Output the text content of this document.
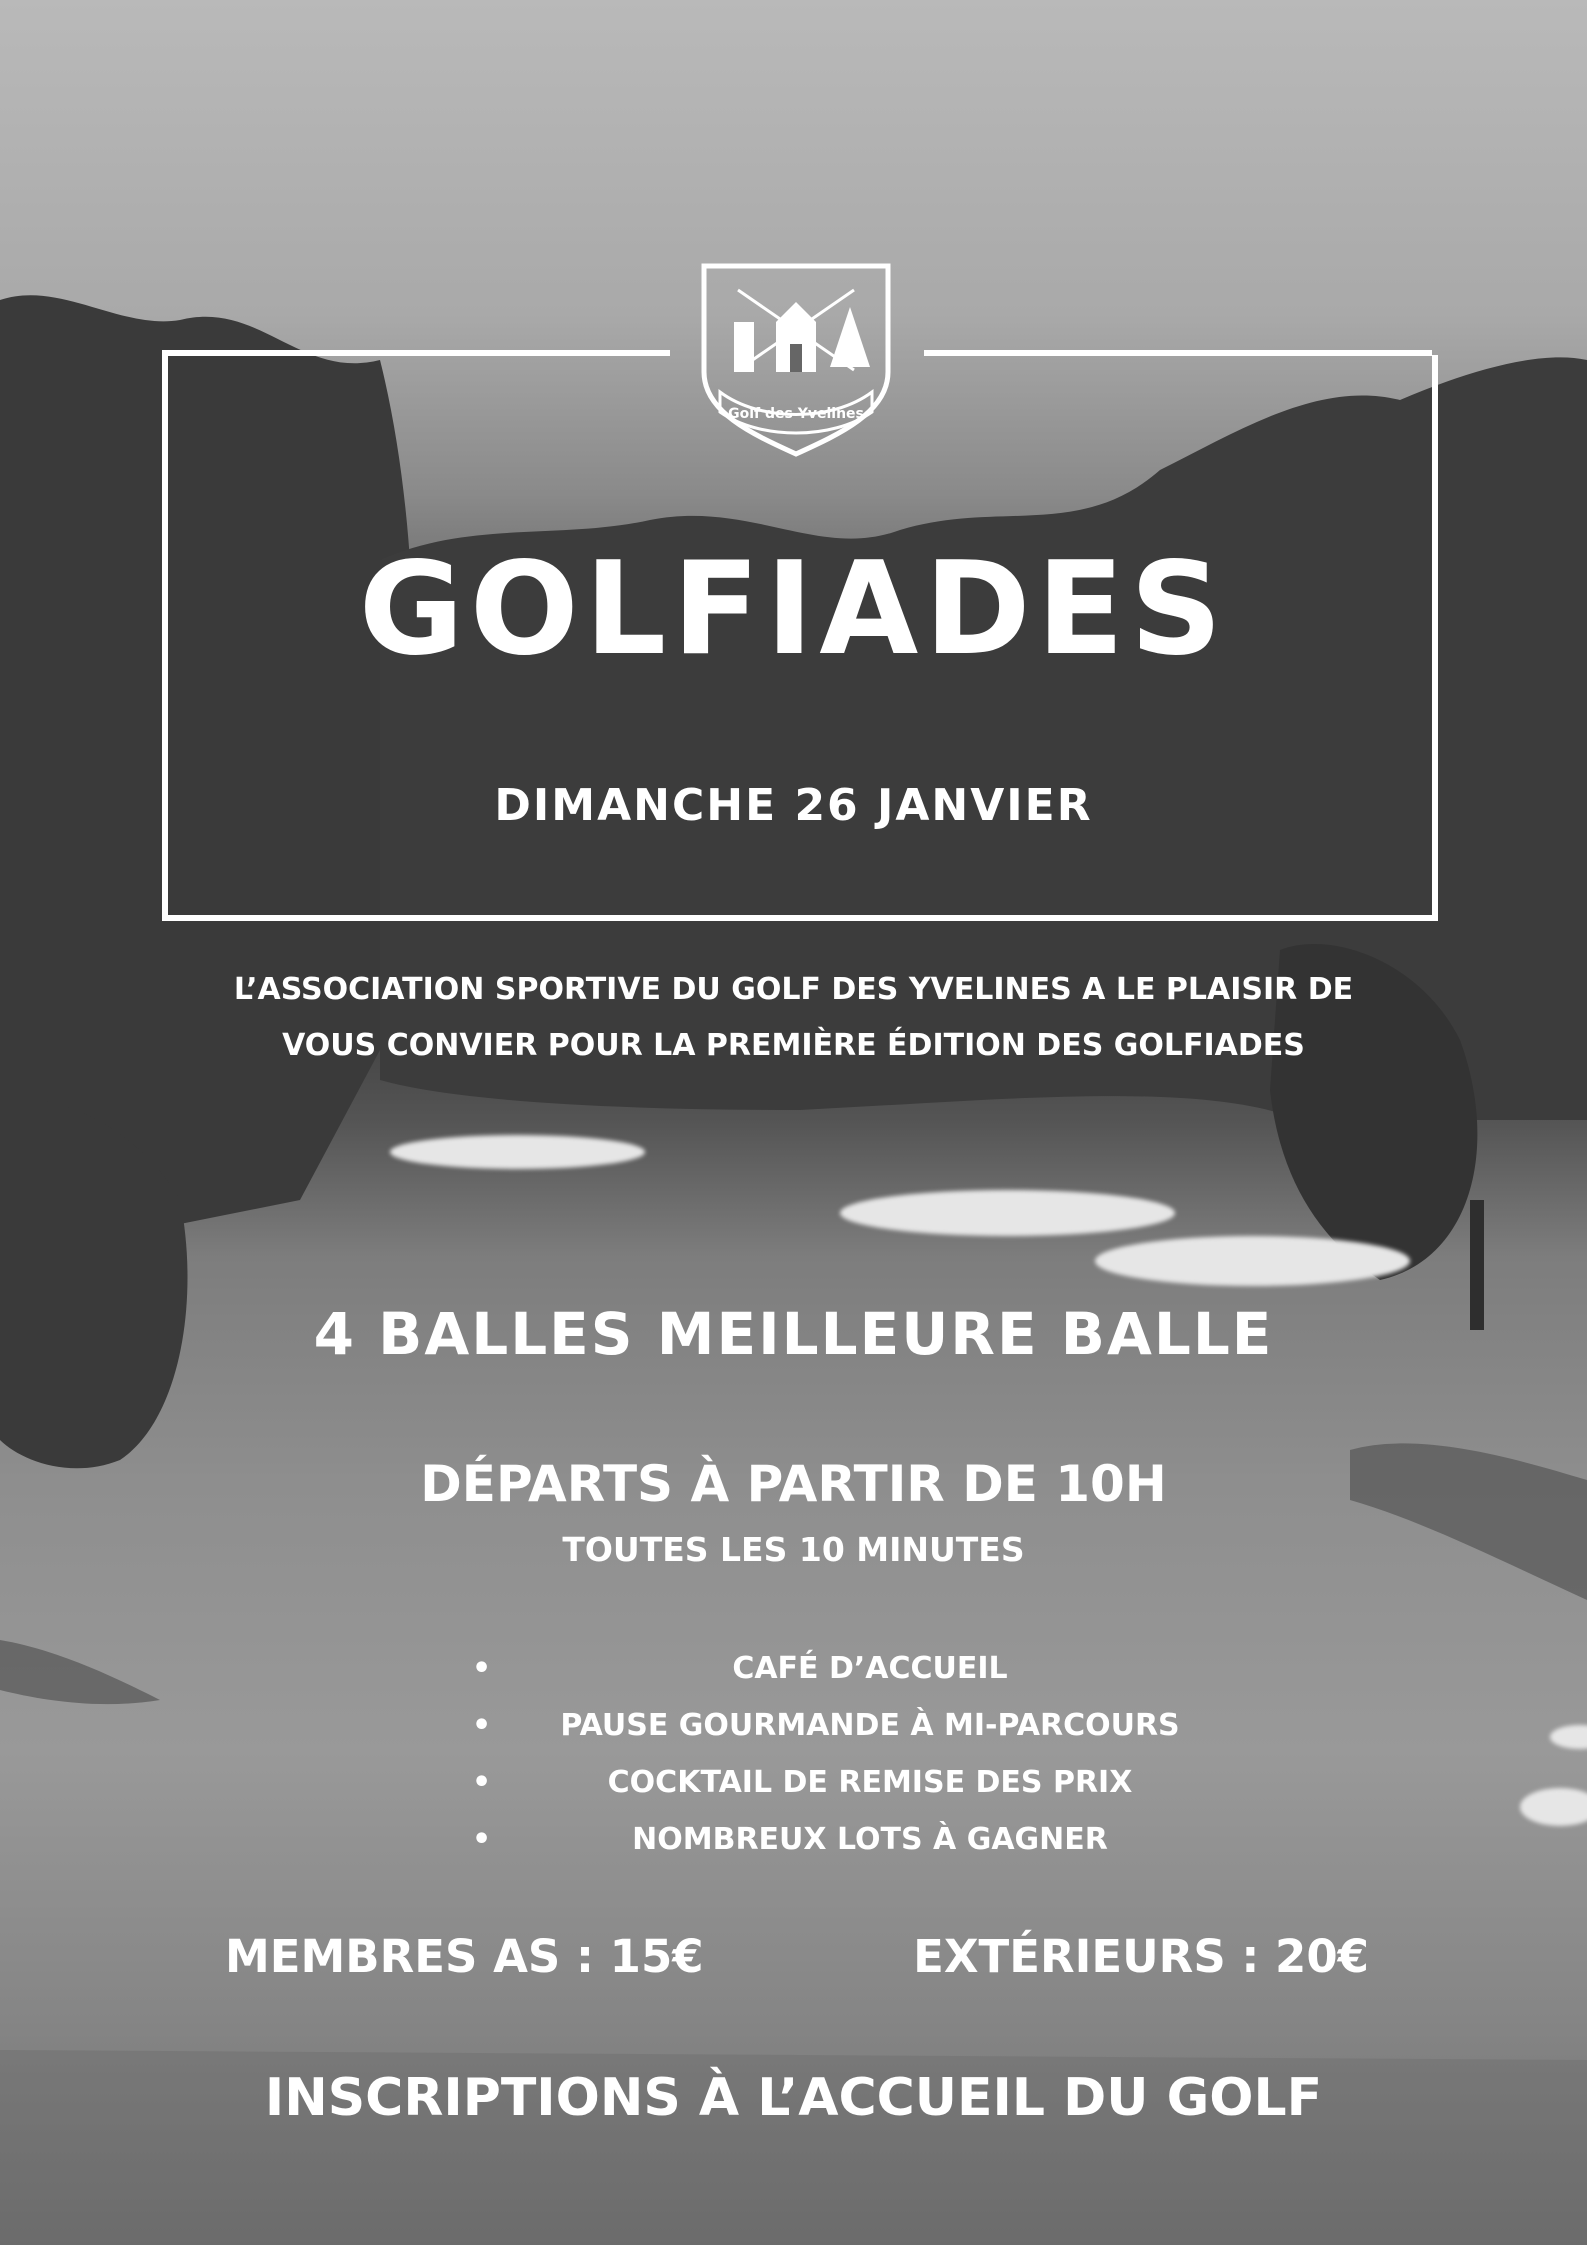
Golf des Yvelines
GOLFIADES
DIMANCHE 26 JANVIER
L’ASSOCIATION SPORTIVE DU GOLF DES YVELINES A LE PLAISIR DE
VOUS CONVIER POUR LA PREMIÈRE ÉDITION DES GOLFIADES
4 BALLES MEILLEURE BALLE
DÉPARTS À PARTIR DE 10H
TOUTES LES 10 MINUTES
•	CAFÉ D’ACCUEIL
• PAUSE GOURMANDE À MI-PARCOURS
•	COCKTAIL DE REMISE DES PRIX
•	NOMBREUX LOTS À GAGNER
MEMBRES AS : 15€	EXTÉRIEURS : 20€
INSCRIPTIONS À L’ACCUEIL DU GOLF
